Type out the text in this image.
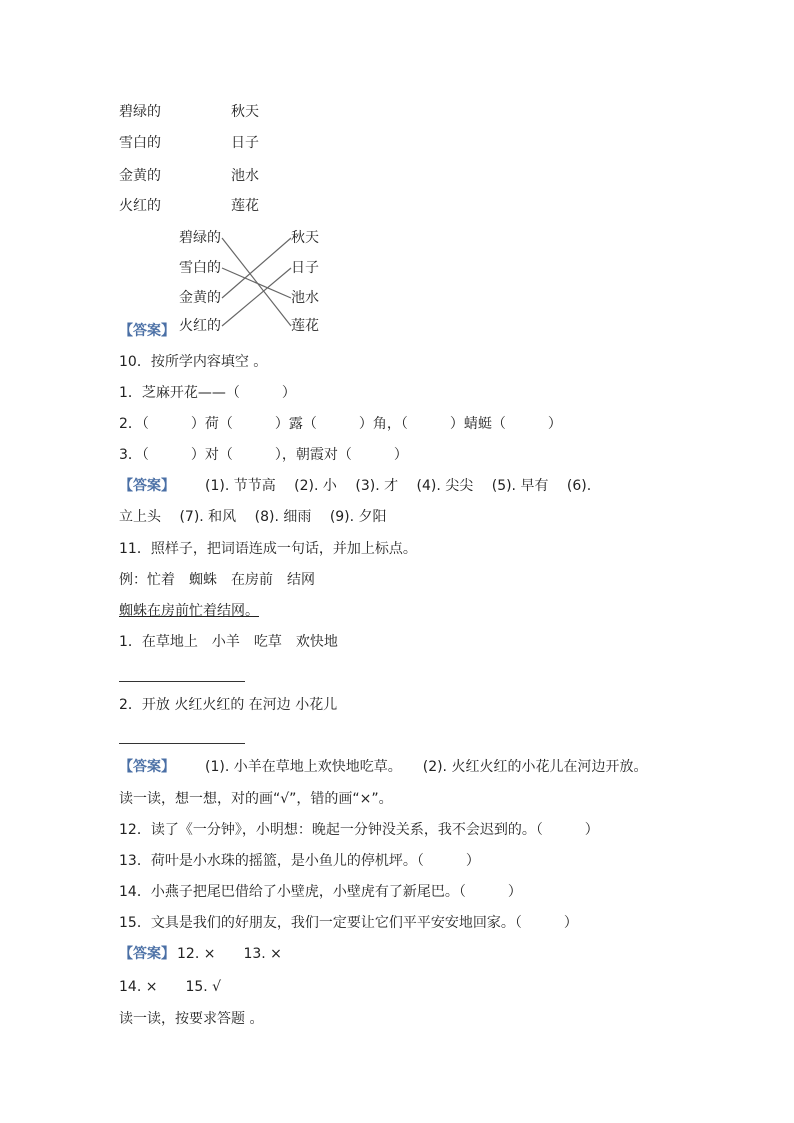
碧绿的	秋天
雪白的	日子
金黄的	池水
火红的	莲花
碧绿的
雪白的
金黄的
火红的
秋天
日子
池水
莲花
【答案】
10．按所学内容填空 。
1．芝麻开花——（　　　）
2．（　　　）荷（　　　）露（　　　）角，（　　　）蜻蜓（　　　）
3．（　　　）对（　　　），朝霞对（　　　）
【答案】 (1). 节节高　 (2). 小　 (3). 才　 (4). 尖尖　 (5). 早有　 (6).
立上头　 (7). 和风　 (8). 细雨　 (9). 夕阳
11．照样子，把词语连成一句话，并加上标点。
例：忙着　蜘蛛　在房前　结网
蜘蛛在房前忙着结网。
1．在草地上　小羊　吃草　欢快地
2．开放 火红火红的 在河边 小花儿
【答案】 (1). 小羊在草地上欢快地吃草。　　(2). 火红火红的小花儿在河边开放。
读一读，想一想，对的画“√”，错的画“×”。
12．读了《一分钟》，小明想：晚起一分钟没关系，我不会迟到的。（　　　）
13．荷叶是小水珠的摇篮，是小鱼儿的停机坪。（　　　）
14．小燕子把尾巴借给了小壁虎，小壁虎有了新尾巴。（　　　）
15．文具是我们的好朋友，我们一定要让它们平平安安地回家。（　　　）
【答案】 12. ×　　13. ×
14. ×　　15. √
读一读，按要求答题 。
